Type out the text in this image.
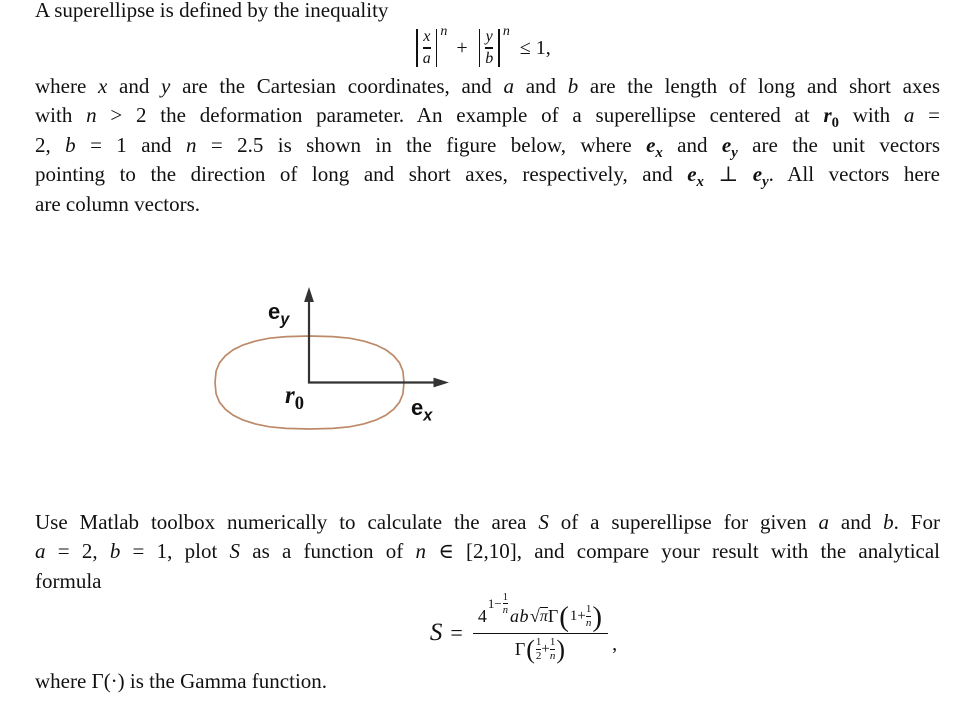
A superellipse is defined by the inequality
x
a
n
+ y
b
n
≤ 1,
where x and y are the Cartesian coordinates, and a and b are the length of long and short axes
with n > 2 the deformation parameter. An example of a superellipse centered at $r_0$ with a =
2, b = 1 and n = 2.5 is shown in the figure below, where $e_x$ and $e_y$ are the unit vectors
pointing to the direction of long and short axes, respectively, and $e_x$ ⊥ $e_y$. All vectors here
are column vectors.
$e_y$
$r_0$	$e_x$
Use Matlab toolbox numerically to calculate the area S of a superellipse for given a and b. For
a = 2, b = 1, plot S as a function of n ∈ [2,10], and compare your result with the analytical
formula
S =
4
1− 1
n ab √ π Γ ( 1+ 1
n )
Γ ( 1
2 + 1
n ) ,
where Γ(·) is the Gamma function.
